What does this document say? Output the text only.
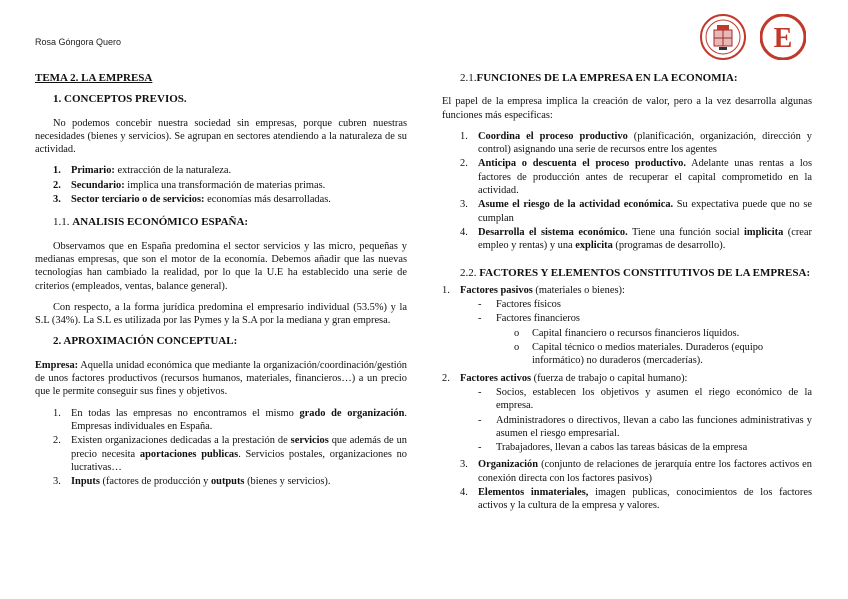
Rosa Góngora Quero	E
TEMA 2. LA EMPRESA
1. CONCEPTOS PREVIOS.
No podemos concebir nuestra sociedad sin empresas, porque cubren nuestras necesidades (bienes y servicios). Se agrupan en sectores atendiendo a la naturaleza de su actividad.
1. Primario: extracción de la naturaleza.
2. Secundario: implica una transformación de materias primas.
3. Sector terciario o de servicios: economías más desarrolladas.
1.1. ANALISIS ECONÓMICO ESPAÑA:
Observamos que en España predomina el sector servicios y las micro, pequeñas y medianas empresas, que son el motor de la economía. Debemos añadir que las nuevas tecnologías han cambiado la realidad, por lo que la U.E ha establecido una serie de criterios (empleados, ventas, balance general).
Con respecto, a la forma jurídica predomina el empresario individual (53.5%) y la S.L (34%). La S.L es utilizada por las Pymes y la S.A por la mediana y gran empresa.
2. APROXIMACIÓN CONCEPTUAL:
Empresa: Aquella unidad económica que mediante la organización/coordinación/gestión de unos factores productivos (recursos humanos, materiales, financieros…) a un precio que le permite conseguir sus fines y objetivos.
1. En todas las empresas no encontramos el mismo grado de organización. Empresas individuales en España.
2. Existen organizaciones dedicadas a la prestación de servicios que además de un precio necesita aportaciones publicas. Servicios postales, organizaciones no lucrativas…
3. Inputs (factores de producción y outputs (bienes y servicios).
2.1.FUNCIONES DE LA EMPRESA EN LA ECONOMIA:
El papel de la empresa implica la creación de valor, pero a la vez desarrolla algunas funciones más especificas:
1. Coordina el proceso productivo (planificación, organización, dirección y control) asignando una serie de recursos entre los agentes
2. Anticipa o descuenta el proceso productivo. Adelante unas rentas a los factores de producción antes de recuperar el capital comprometido en la actividad.
3. Asume el riesgo de la actividad económica. Su expectativa puede que no se cumplan
4. Desarrolla el sistema económico. Tiene una función social implicita (crear empleo y rentas) y una explicita (programas de desarrollo).
2.2. FACTORES Y ELEMENTOS CONSTITUTIVOS DE LA EMPRESA:
1. Factores pasivos (materiales o bienes):
- Factores físicos
- Factores financieros
o Capital financiero o recursos financieros líquidos.
o Capital técnico o medios materiales. Duraderos (equipo informático) no duraderos (mercaderías).
2. Factores activos (fuerza de trabajo o capital humano):
- Socios, establecen los objetivos y asumen el riego económico de la empresa.
- Administradores o directivos, llevan a cabo las funciones administrativas y asumen el riesgo empresarial.
- Trabajadores, llevan a cabos las tareas básicas de la empresa
3. Organización (conjunto de relaciones de jerarquía entre los factores activos en conexión directa con los factores pasivos)
4. Elementos inmateriales, imagen publicas, conocimientos de los factores activos y la cultura de la empresa y valores.
